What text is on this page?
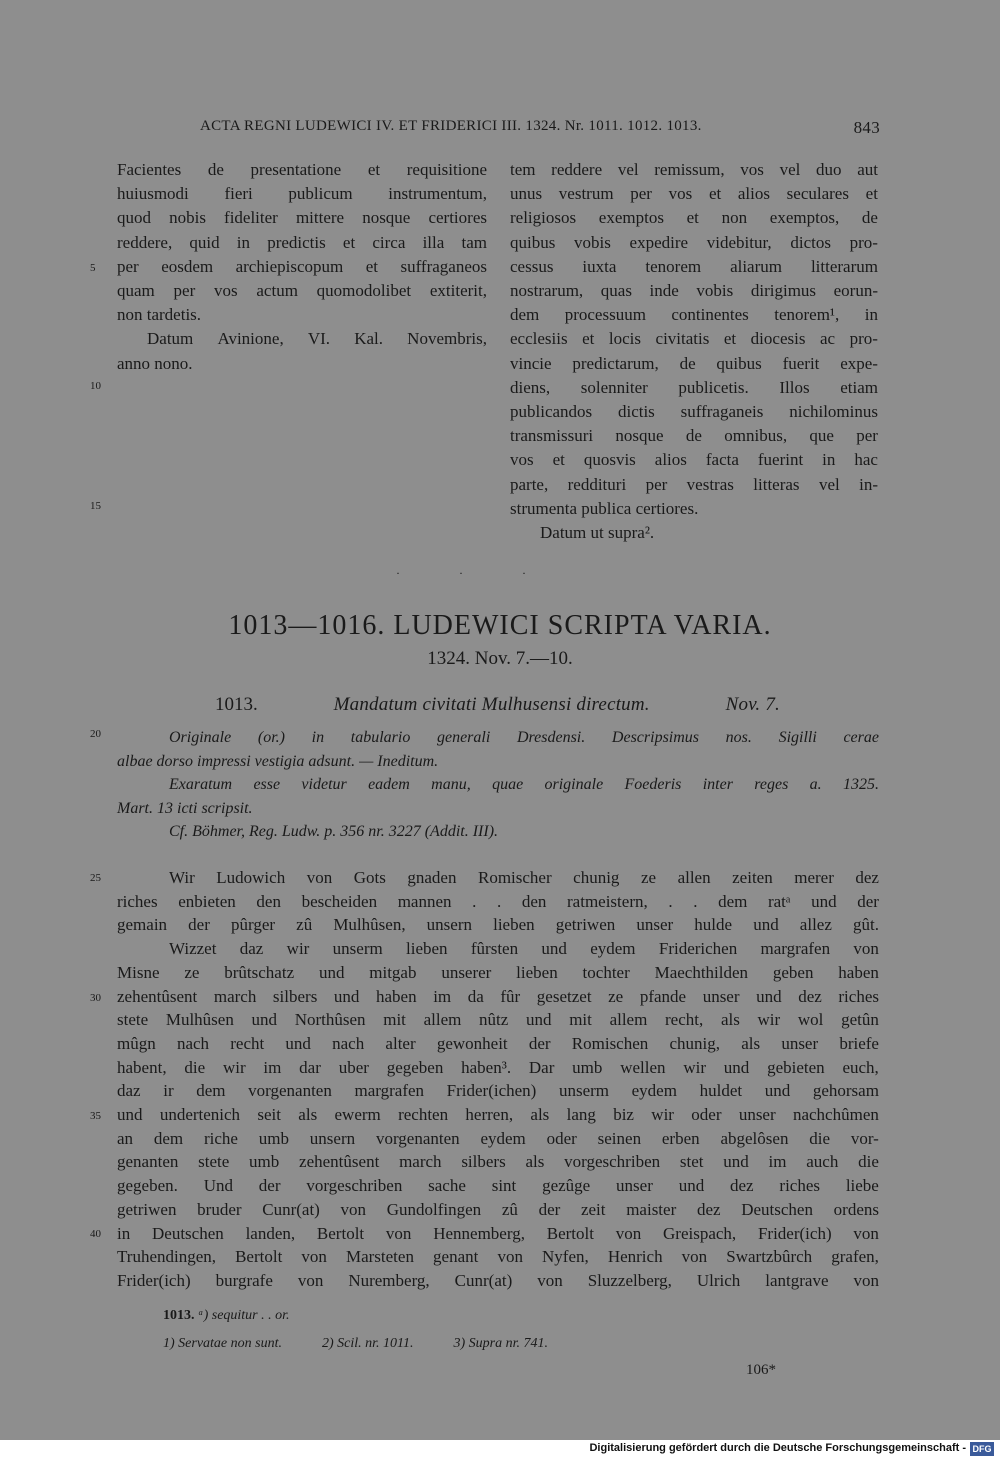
ACTA REGNI LUDEWICI IV. ET FRIDERICI III. 1324. Nr. 1011. 1012. 1013.	843
Facientes de presentatione et requisitione
huiusmodi fieri publicum instrumentum,
quod nobis fideliter mittere nosque certiores
reddere, quid in predictis et circa illa tam
per eosdem archiepiscopum et suffraganeos
quam per vos actum quomodolibet extiterit,
non tardetis.
Datum Avinione, VI. Kal. Novembris,
anno nono.
tem reddere vel remissum, vos vel duo aut
unus vestrum per vos et alios seculares et
religiosos exemptos et non exemptos, de
quibus vobis expedire videbitur, dictos pro-
cessus iuxta tenorem aliarum litterarum
nostrarum, quas inde vobis dirigimus eorun-
dem processuum continentes tenorem¹, in
ecclesiis et locis civitatis et diocesis ac pro-
vincie predictarum, de quibus fuerit expe-
diens, solenniter publicetis. Illos etiam
publicandos dictis suffraganeis nichilominus
transmissuri nosque de omnibus, que per
vos et quosvis alios facta fuerint in hac
parte, reddituri per vestras litteras vel in-
strumenta publica certiores.
Datum ut supra².
5
10
15
20
25
30
35
40
· · ·
1013—1016. LUDEWICI SCRIPTA VARIA.
1324. Nov. 7.—10.
1013.	Mandatum civitati Mulhusensi directum.	Nov. 7.
Originale (or.) in tabulario generali Dresdensi. Descripsimus nos. Sigilli cerae
albae dorso impressi vestigia adsunt. — Ineditum.
Exaratum esse videtur eadem manu, quae originale Foederis inter reges a. 1325.
Mart. 13 icti scripsit.
Cf. Böhmer, Reg. Ludw. p. 356 nr. 3227 (Addit. III).
Wir Ludowich von Gots gnaden Romischer chunig ze allen zeiten merer dez
riches enbieten den bescheiden mannen . . den ratmeistern, . . dem ratᵃ und der
gemain der pûrger zû Mulhûsen, unsern lieben getriwen unser hulde und allez gût.
Wizzet daz wir unserm lieben fûrsten und eydem Friderichen margrafen von
Misne ze brûtschatz und mitgab unserer lieben tochter Maechthilden geben haben
zehentûsent march silbers und haben im da fûr gesetzet ze pfande unser und dez riches
stete Mulhûsen und Northûsen mit allem nûtz und mit allem recht, als wir wol getûn
mûgn nach recht und nach alter gewonheit der Romischen chunig, als unser briefe
habent, die wir im dar uber gegeben haben³. Dar umb wellen wir und gebieten euch,
daz ir dem vorgenanten margrafen Frider(ichen) unserm eydem huldet und gehorsam
und undertenich seit als ewerm rechten herren, als lang biz wir oder unser nachchûmen
an dem riche umb unsern vorgenanten eydem oder seinen erben abgelôsen die vor-
genanten stete umb zehentûsent march silbers als vorgeschriben stet und im auch die
gegeben. Und der vorgeschriben sache sint gezûge unser und dez riches liebe
getriwen bruder Cunr(at) von Gundolfingen zû der zeit maister dez Deutschen ordens
in Deutschen landen, Bertolt von Hennemberg, Bertolt von Greispach, Frider(ich) von
Truhendingen, Bertolt von Marsteten genant von Nyfen, Henrich von Swartzbûrch grafen,
Frider(ich) burgrafe von Nuremberg, Cunr(at) von Sluzzelberg, Ulrich lantgrave von
1013. ᵃ) sequitur . . or.
1) Servatae non sunt.	2) Scil. nr. 1011.	3) Supra nr. 741.
106*
Digitalisierung gefördert durch die Deutsche Forschungsgemeinschaft - DFG
